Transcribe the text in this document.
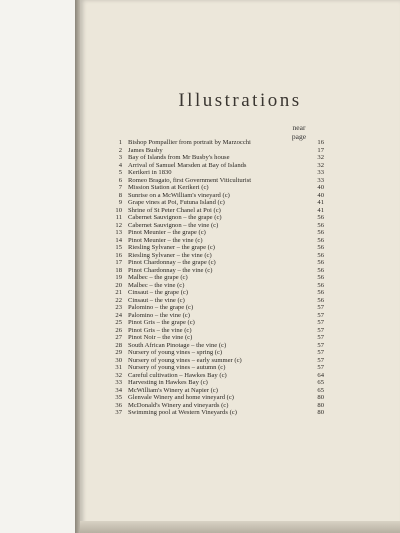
Illustrations
near
page
1 Bishop Pompallier from portrait by Marzocchi	16
2 James Busby	17
3 Bay of Islands from Mr Busby's house	32
4 Arrival of Samuel Marsden at Bay of Islands	32
5 Kerikeri in 1830	33
6 Romeo Bragato, first Government Viticulturist	33
7 Mission Station at Kerikeri (c)	40
8 Sunrise on a McWilliam's vineyard (c)	40
9 Grape vines at Poi, Futuna Island (c)	41
10 Shrine of St Peter Chanel at Poi (c)	41
11 Cabernet Sauvignon – the grape (c)	56
12 Cabernet Sauvignon – the vine (c)	56
13 Pinot Meunier – the grape (c)	56
14 Pinot Meunier – the vine (c)	56
15 Riesling Sylvaner – the grape (c)	56
16 Riesling Sylvaner – the vine (c)	56
17 Pinot Chardonnay – the grape (c)	56
18 Pinot Chardonnay – the vine (c)	56
19 Malbec – the grape (c)	56
20 Malbec – the vine (c)	56
21 Cinsaut – the grape (c)	56
22 Cinsaut – the vine (c)	56
23 Palomino – the grape (c)	57
24 Palomino – the vine (c)	57
25 Pinot Gris – the grape (c)	57
26 Pinot Gris – the vine (c)	57
27 Pinot Noir – the vine (c)	57
28 South African Pinotage – the vine (c)	57
29 Nursery of young vines – spring (c)	57
30 Nursery of young vines – early summer (c)	57
31 Nursery of young vines – autumn (c)	57
32 Careful cultivation – Hawkes Bay (c)	64
33 Harvesting in Hawkes Bay (c)	65
34 McWilliam's Winery at Napier (c)	65
35 Glenvale Winery and home vineyard (c)	80
36 McDonald's Winery and vineyards (c)	80
37 Swimming pool at Western Vineyards (c)	80
